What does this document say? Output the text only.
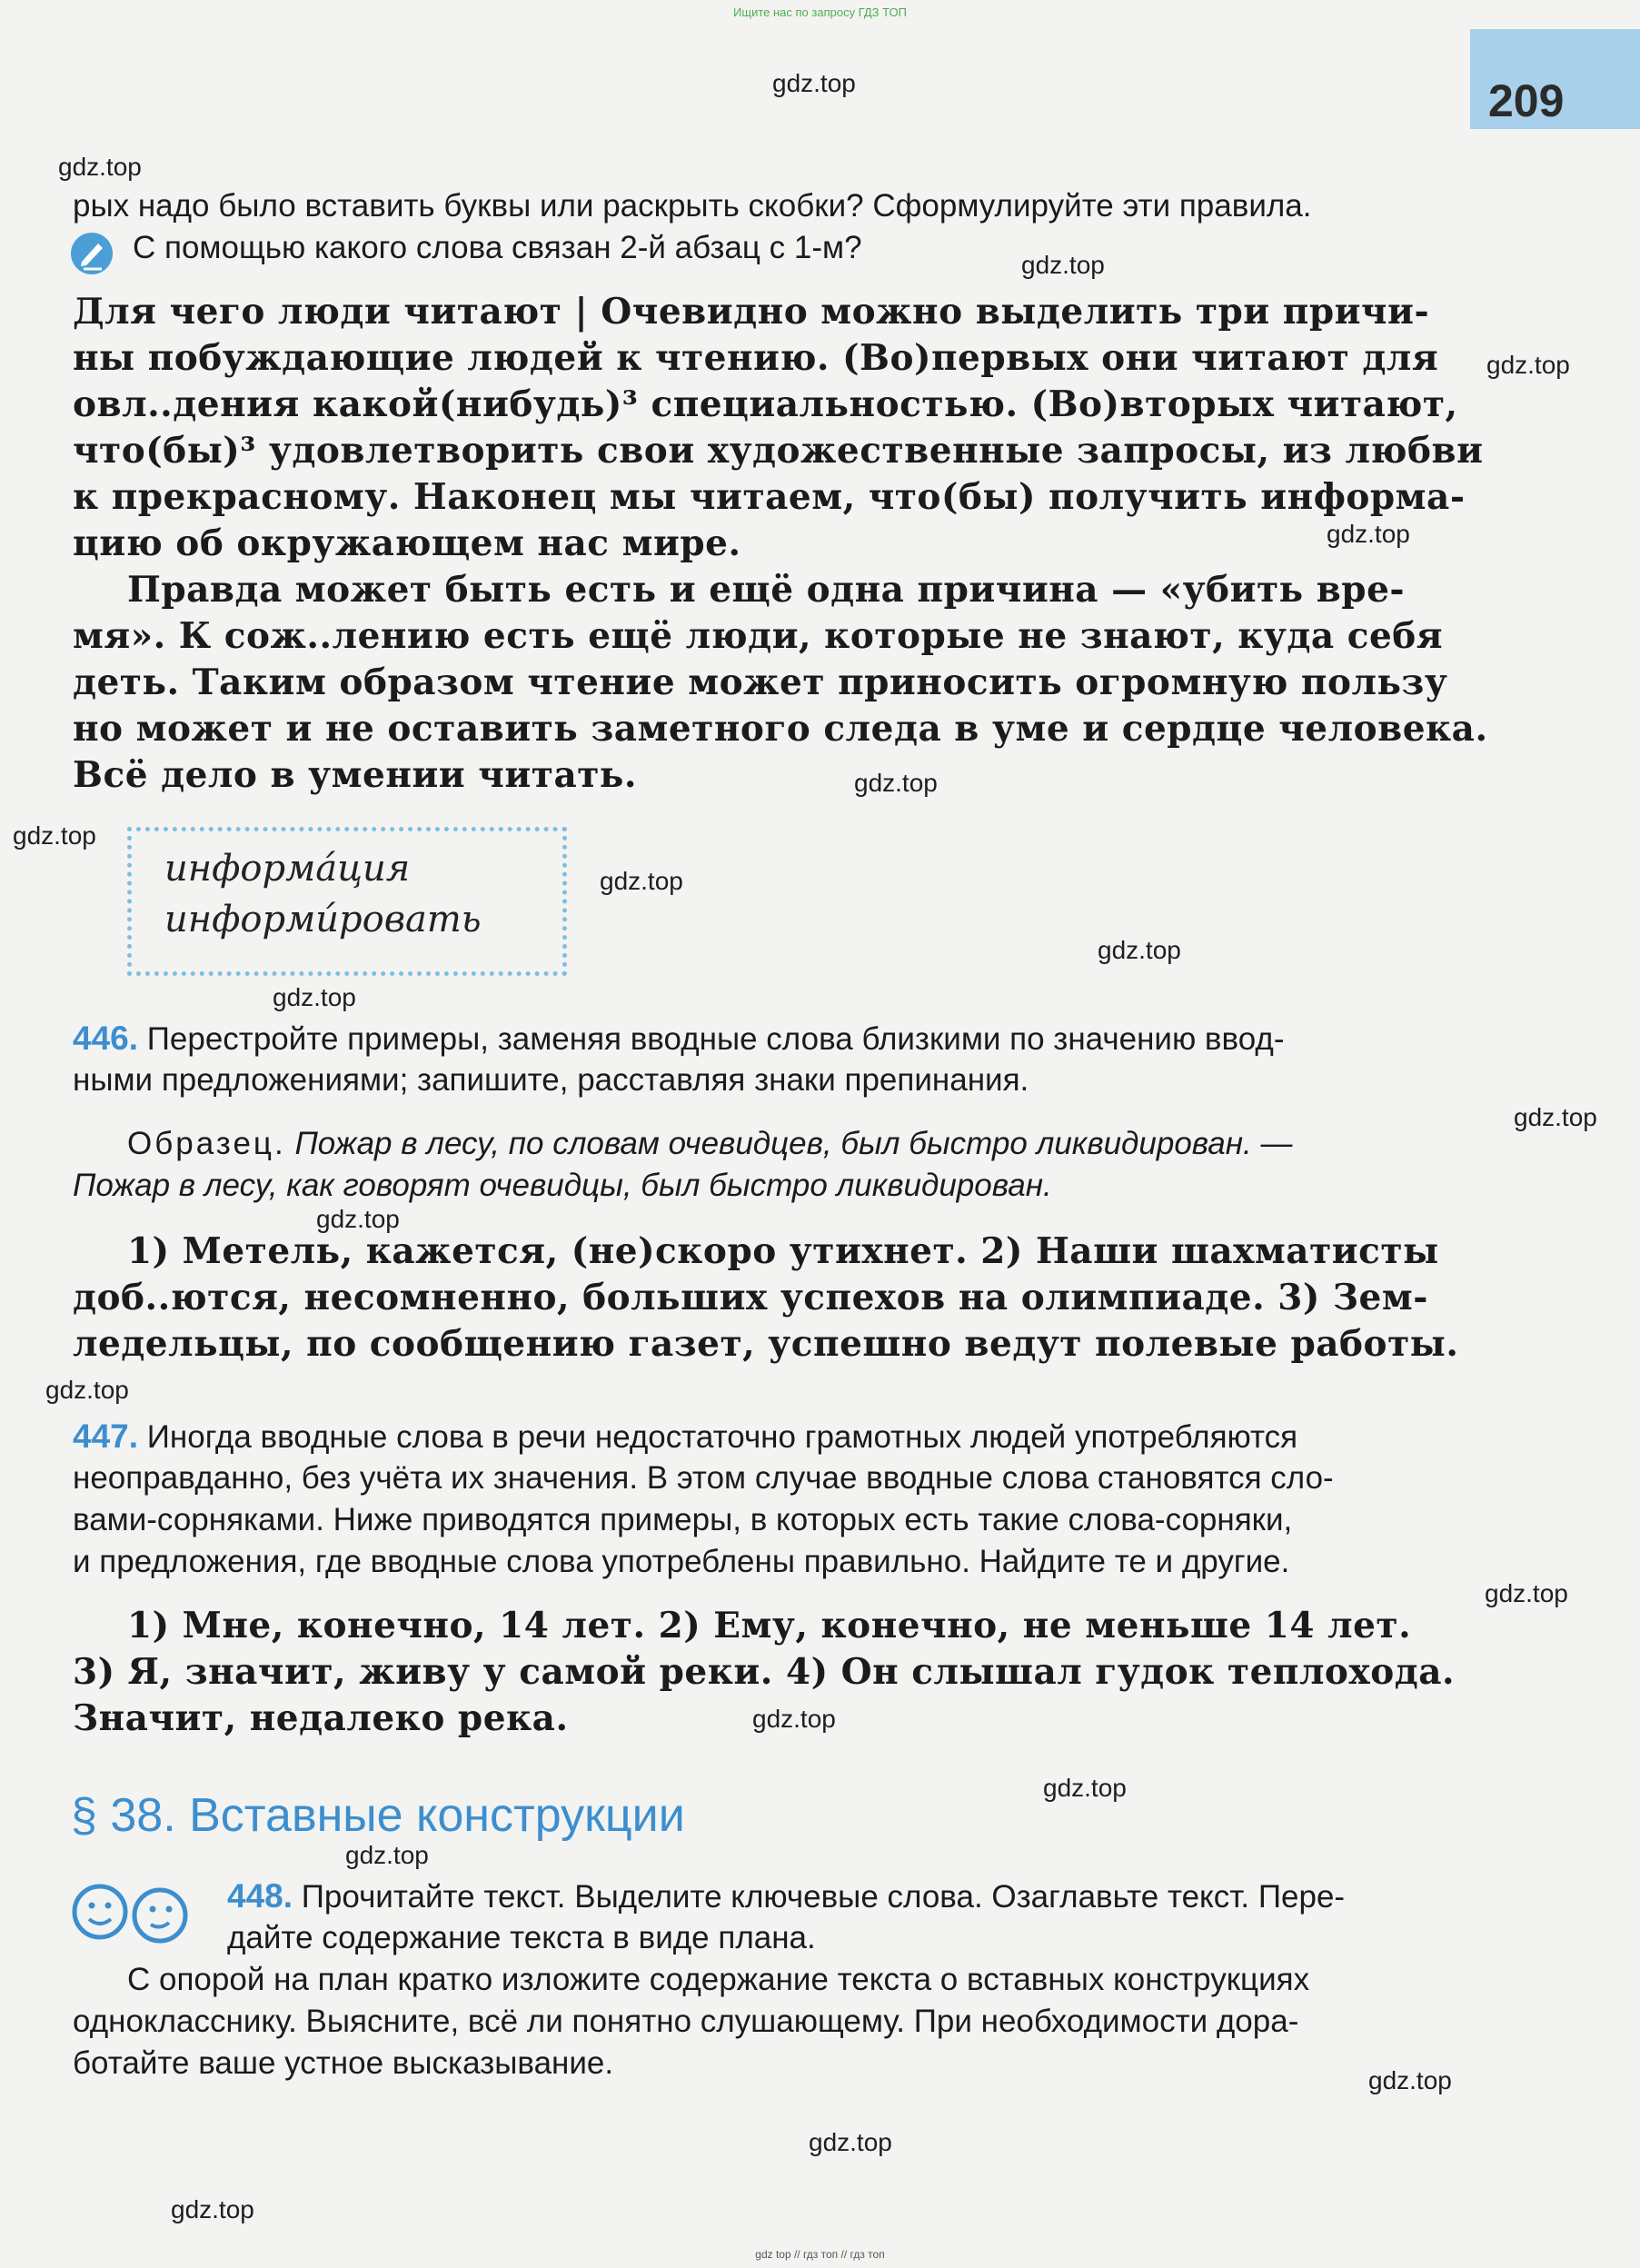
Ищите нас по запросу ГДЗ ТОП
209
gdz.top
gdz.top
gdz.top
gdz.top
gdz.top
gdz.top
gdz.top
gdz.top
gdz.top
gdz.top
gdz.top
gdz.top
gdz.top
gdz.top
gdz.top
gdz.top
gdz.top
gdz.top
gdz.top
gdz.top
рых надо было вставить буквы или раскрыть скобки? Сформулируйте эти правила.
С помощью какого слова связан 2-й абзац с 1-м?
Для чего люди читают | Очевидно можно выделить три причи-
ны побуждающие людей к чтению. (Во)первых они читают для
овл..дения какой(нибудь)³ специальностью. (Во)вторых читают,
что(бы)³ удовлетворить свои художественные запросы, из любви
к прекрасному. Наконец мы читаем, что(бы) получить информа-
цию об окружающем нас мире.
Правда может быть есть и ещё одна причина — «убить вре-
мя». К сож..лению есть ещё люди, которые не знают, куда себя
деть. Таким образом чтение может приносить огромную пользу
но может и не оставить заметного следа в уме и сердце человека.
Всё дело в умении читать.
информа́ция
информи́ровать
446. Перестройте примеры, заменяя вводные слова близкими по значению ввод-
ными предложениями; запишите, расставляя знаки препинания.
Образец. Пожар в лесу, по словам очевидцев, был быстро ликвидирован. —
Пожар в лесу, как говорят очевидцы, был быстро ликвидирован.
1) Метель, кажется, (не)скоро утихнет. 2) Наши шахматисты
доб..ются, несомненно, больших успехов на олимпиаде. 3) Зем-
ледельцы, по сообщению газет, успешно ведут полевые работы.
447. Иногда вводные слова в речи недостаточно грамотных людей употребляются
неоправданно, без учёта их значения. В этом случае вводные слова становятся сло-
вами-сорняками. Ниже приводятся примеры, в которых есть такие слова-сорняки,
и предложения, где вводные слова употреблены правильно. Найдите те и другие.
1) Мне, конечно, 14 лет. 2) Ему, конечно, не меньше 14 лет.
3) Я, значит, живу у самой реки. 4) Он слышал гудок теплохода.
Значит, недалеко река.
§ 38. Вставные конструкции
448. Прочитайте текст. Выделите ключевые слова. Озаглавьте текст. Пере-
дайте содержание текста в виде плана.
С опорой на план кратко изложите содержание текста о вставных конструкциях
однокласснику. Выясните, всё ли понятно слушающему. При необходимости дора-
ботайте ваше устное высказывание.
gdz top // гдз топ // гдз топ
